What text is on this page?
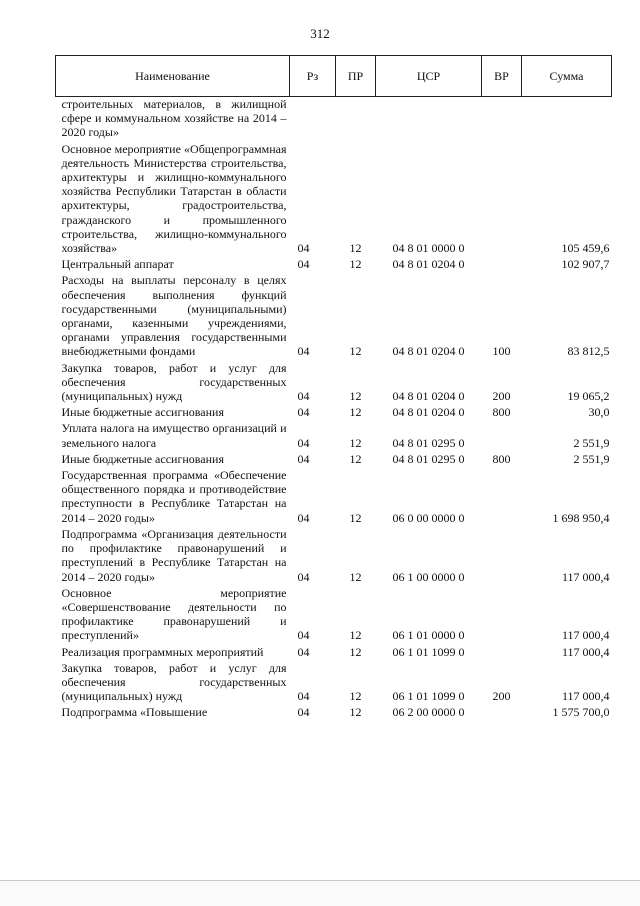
312
Наименование	Рз	ПР	ЦСР	ВР	Сумма
строительных материалов, в жилищной сфере и коммунальном хозяйстве на 2014 – 2020 годы»					
Основное мероприятие «Общепрограммная деятельность Министерства строительства, архитектуры и жилищно-коммунального хозяйства Республики Татарстан в области архитектуры, градостроительства, гражданского и промышленного строительства, жилищно-коммунального хозяйства»	04	12	04 8 01 0000 0		105 459,6
Центральный аппарат	04	12	04 8 01 0204 0		102 907,7
Расходы на выплаты персоналу в целях обеспечения выполнения функций государственными (муниципальными) органами, казенными учреждениями, органами управления государственными внебюджетными фондами	04	12	04 8 01 0204 0	100	83 812,5
Закупка товаров, работ и услуг для обеспечения государственных (муниципальных) нужд	04	12	04 8 01 0204 0	200	19 065,2
Иные бюджетные ассигнования	04	12	04 8 01 0204 0	800	30,0
Уплата налога на имущество организаций и земельного налога	04	12	04 8 01 0295 0		2 551,9
Иные бюджетные ассигнования	04	12	04 8 01 0295 0	800	2 551,9
Государственная программа «Обеспечение общественного порядка и противодействие преступности в Республике Татарстан на 2014 – 2020 годы»	04	12	06 0 00 0000 0		1 698 950,4
Подпрограмма «Организация деятельности по профилактике правонарушений и преступлений в Республике Татарстан на 2014 – 2020 годы»	04	12	06 1 00 0000 0		117 000,4
Основное мероприятие «Совершенствование деятельности по профилактике правонарушений и преступлений»	04	12	06 1 01 0000 0		117 000,4
Реализация программных мероприятий	04	12	06 1 01 1099 0		117 000,4
Закупка товаров, работ и услуг для обеспечения государственных (муниципальных) нужд	04	12	06 1 01 1099 0	200	117 000,4
Подпрограмма «Повышение	04	12	06 2 00 0000 0		1 575 700,0
